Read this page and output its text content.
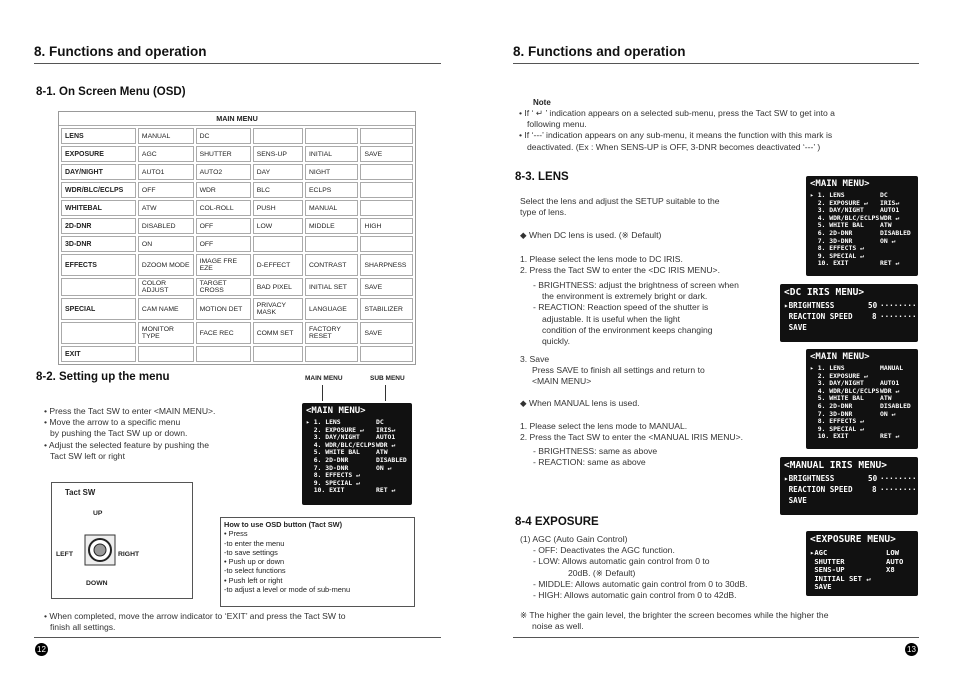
8. Functions and operation
8-1. On Screen Menu (OSD)
MAIN MENU
LENS	MANUAL	DC			
EXPOSURE	AGC	SHUTTER	SENS-UP	INITIAL	SAVE
DAY/NIGHT	AUTO1	AUTO2	DAY	NIGHT	
WDR/BLC/ECLPS	OFF	WDR	BLC	ECLPS	
WHITEBAL	ATW	COL-ROLL	PUSH	MANUAL	
2D-DNR	DISABLED	OFF	LOW	MIDDLE	HIGH
3D-DNR	ON	OFF			
EFFECTS	DZOOM MODE	IMAGE FRE EZE	D-EFFECT	CONTRAST	SHARPNESS
	COLOR ADJUST	TARGET CROSS	BAD PIXEL	INITIAL SET	SAVE
SPECIAL	CAM NAME	MOTION DET	PRIVACY MASK	LANGUAGE	STABILIZER
	MONITOR TYPE	FACE REC	COMM SET	FACTORY RESET	SAVE
EXIT					
8-2. Setting up the menu
• Press the Tact SW to enter <MAIN MENU>.
• Move the arrow to a specific menu
by pushing the Tact SW up or down.
• Adjust the selected feature by pushing the
Tact SW left or right
MAIN MENU	SUB MENU
<MAIN MENU>
▸ 1. LENS	DC IRIS↵
2. EXPOSURE ↵
3. DAY/NIGHT	AUTO1
4. WDR/BLC/ECLPS WDR ↵
5. WHITE BAL	ATW
6. 2D-DNR	DISABLED
7. 3D-DNR	ON ↵
8. EFFECTS ↵
9. SPECIAL ↵
10. EXIT	RET ↵
Tact SW
UP
DOWN
LEFT	RIGHT
How to use OSD button (Tact SW)
• Press
-to enter the menu
-to save settings
• Push up or down
-to select functions
• Push left or right
-to adjust a level or mode of sub-menu
• When completed, move the arrow indicator to ‘EXIT’ and press the Tact SW to
finish all settings.
12
8. Functions and operation
Note
• If ‘ ↵ ’ indication appears on a selected sub-menu, press the Tact SW to get into a
following menu.
• If ‘---’ indication appears on any sub-menu, it means the function with this mark is
deactivated. (Ex : When SENS-UP is OFF, 3-DNR becomes deactivated ‘---’ )
8-3. LENS
Select the lens and adjust the SETUP suitable to the
type of lens.
◆ When DC lens is used. (※ Default)
1. Please select the lens mode to DC IRIS.
2. Press the Tact SW to enter the <DC IRIS MENU>.
- BRIGHTNESS: adjust the brightness of screen when
the environment is extremely bright or dark.
- REACTION: Reaction speed of the shutter is
adjustable. It is useful when the light
condition of the environment keeps changing
quickly.
3. Save
Press SAVE to finish all settings and return to
<MAIN MENU>
◆ When MANUAL lens is used.
1. Please select the lens mode to MANUAL.
2. Press the Tact SW to enter the <MANUAL IRIS MENU>.
- BRIGHTNESS: same as above
- REACTION: same as above
8-4 EXPOSURE
(1) AGC (Auto Gain Control)
- OFF: Deactivates the AGC function.
- LOW: Allows automatic gain control from 0 to
20dB. (※ Default)
- MIDDLE: Allows automatic gain control from 0 to 30dB.
- HIGH: Allows automatic gain control from 0 to 42dB.
※ The higher the gain level, the brighter the screen becomes while the higher the
noise as well.
13
<MAIN MENU>
▸ 1. LENS	DC IRIS↵
2. EXPOSURE ↵
3. DAY/NIGHT	AUTO1
4. WDR/BLC/ECLPS WDR ↵
5. WHITE BAL	ATW
6. 2D-DNR	DISABLED
7. 3D-DNR	ON ↵
8. EFFECTS ↵
9. SPECIAL ↵
10. EXIT	RET ↵
<DC IRIS MENU>
▸BRIGHTNESS	50 ·········
REACTION SPEED	8 ·········
SAVE
<MAIN MENU>
▸ 1. LENS	MANUAL
2. EXPOSURE ↵
3. DAY/NIGHT	AUTO1
4. WDR/BLC/ECLPS WDR ↵
5. WHITE BAL	ATW
6. 2D-DNR	DISABLED
7. 3D-DNR	ON ↵
8. EFFECTS ↵
9. SPECIAL ↵
10. EXIT	RET ↵
<MANUAL IRIS MENU>
▸BRIGHTNESS	50 ·········
REACTION SPEED	8 ·········
SAVE
<EXPOSURE MENU>
▸AGC	LOW
SHUTTER	AUTO
SENS-UP	X8
INITIAL SET ↵
SAVE
